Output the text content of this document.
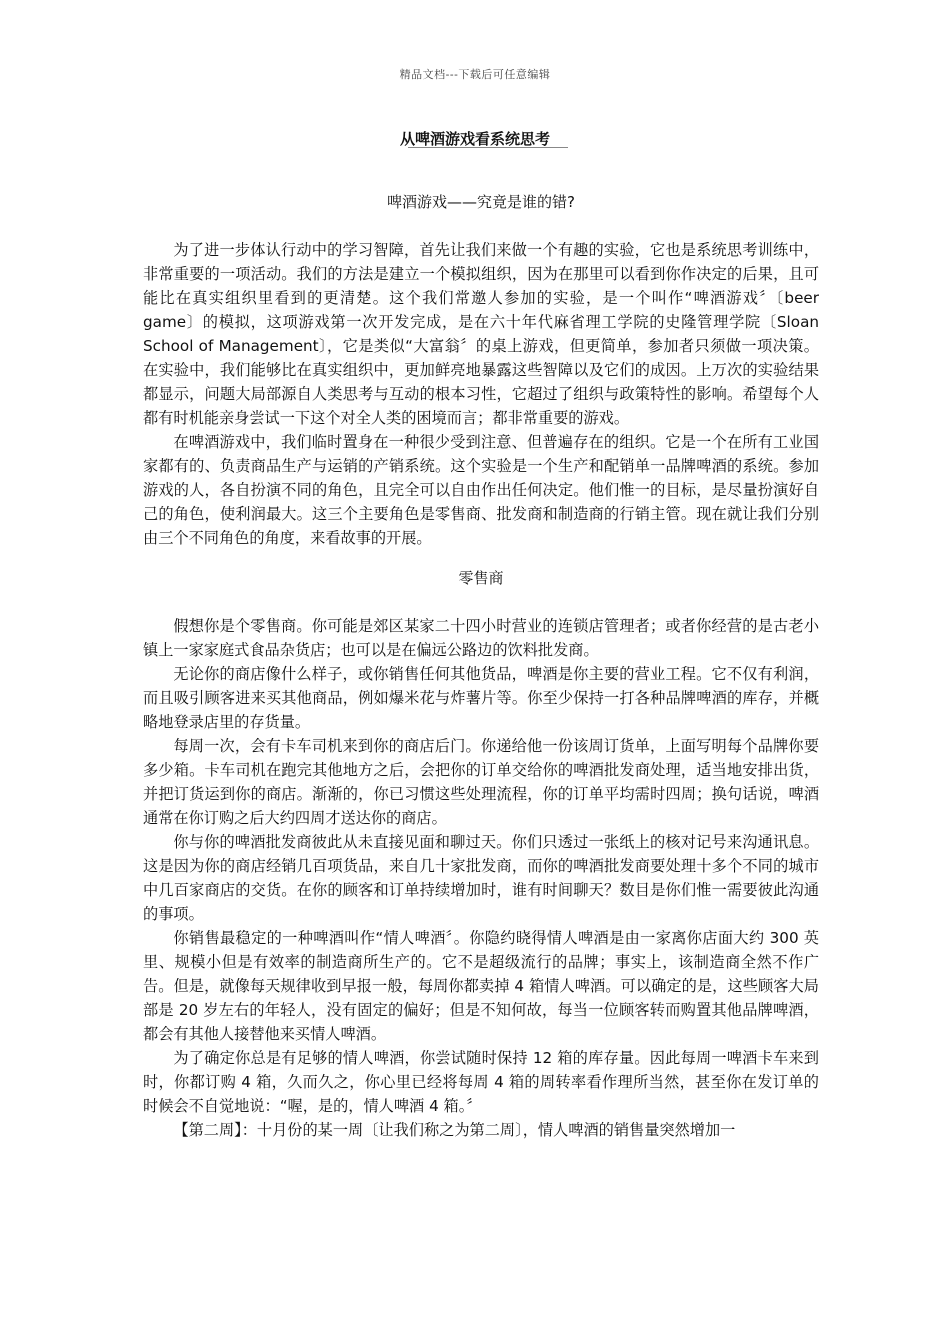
精品文档---下载后可任意编辑
从啤酒游戏看系统思考
啤酒游戏——究竟是谁的错?

为了进一步体认行动中的学习智障，首先让我们来做一个有趣的实验，它也是系统思考训练中，非常重要的一项活动。我们的方法是建立一个模拟组织，因为在那里可以看到你作决定的后果，且可能比在真实组织里看到的更清楚。这个我们常邀人参加的实验，是一个叫作“啤酒游戏〞〔beer game〕的模拟，这项游戏第一次开发完成，是在六十年代麻省理工学院的史隆管理学院〔Sloan School of Management〕，它是类似“大富翁〞的桌上游戏，但更简单，参加者只须做一项决策。在实验中，我们能够比在真实组织中，更加鲜亮地暴露这些智障以及它们的成因。上万次的实验结果都显示，问题大局部源自人类思考与互动的根本习性，它超过了组织与政策特性的影响。希望每个人都有时机能亲身尝试一下这个对全人类的困境而言；都非常重要的游戏。

在啤酒游戏中，我们临时置身在一种很少受到注意、但普遍存在的组织。它是一个在所有工业国家都有的、负责商品生产与运销的产销系统。这个实验是一个生产和配销单一品牌啤酒的系统。参加游戏的人，各自扮演不同的角色，且完全可以自由作出任何决定。他们惟一的目标，是尽量扮演好自己的角色，使利润最大。这三个主要角色是零售商、批发商和制造商的行销主管。现在就让我们分别由三个不同角色的角度，来看故事的开展。

零售商

假想你是个零售商。你可能是郊区某家二十四小时营业的连锁店管理者；或者你经营的是古老小镇上一家家庭式食品杂货店；也可以是在偏远公路边的饮料批发商。

无论你的商店像什么样子，或你销售任何其他货品，啤酒是你主要的营业工程。它不仅有利润，而且吸引顾客进来买其他商品，例如爆米花与炸薯片等。你至少保持一打各种品牌啤酒的库存，并概略地登录店里的存货量。

每周一次，会有卡车司机来到你的商店后门。你递给他一份该周订货单，上面写明每个品牌你要多少箱。卡车司机在跑完其他地方之后，会把你的订单交给你的啤酒批发商处理，适当地安排出货，并把订货运到你的商店。渐渐的，你已习惯这些处理流程，你的订单平均需时四周；换句话说，啤酒通常在你订购之后大约四周才送达你的商店。

你与你的啤酒批发商彼此从未直接见面和聊过天。你们只透过一张纸上的核对记号来沟通讯息。这是因为你的商店经销几百项货品，来自几十家批发商，而你的啤酒批发商要处理十多个不同的城市中几百家商店的交货。在你的顾客和订单持续增加时，谁有时间聊天？数目是你们惟一需要彼此沟通的事项。

你销售最稳定的一种啤酒叫作“情人啤酒〞。你隐约晓得情人啤酒是由一家离你店面大约 300 英里、规模小但是有效率的制造商所生产的。它不是超级流行的品牌；事实上，该制造商全然不作广告。但是，就像每天规律收到早报一般，每周你都卖掉 4 箱情人啤酒。可以确定的是，这些顾客大局部是 20 岁左右的年轻人，没有固定的偏好；但是不知何故，每当一位顾客转而购置其他品牌啤酒，都会有其他人接替他来买情人啤酒。

为了确定你总是有足够的情人啤酒，你尝试随时保持 12 箱的库存量。因此每周一啤酒卡车来到时，你都订购 4 箱，久而久之，你心里已经将每周 4 箱的周转率看作理所当然，甚至你在发订单的时候会不自觉地说：“喔，是的，情人啤酒 4 箱。〞

【第二周】：十月份的某一周〔让我们称之为第二周〕，情人啤酒的销售量突然增加一
